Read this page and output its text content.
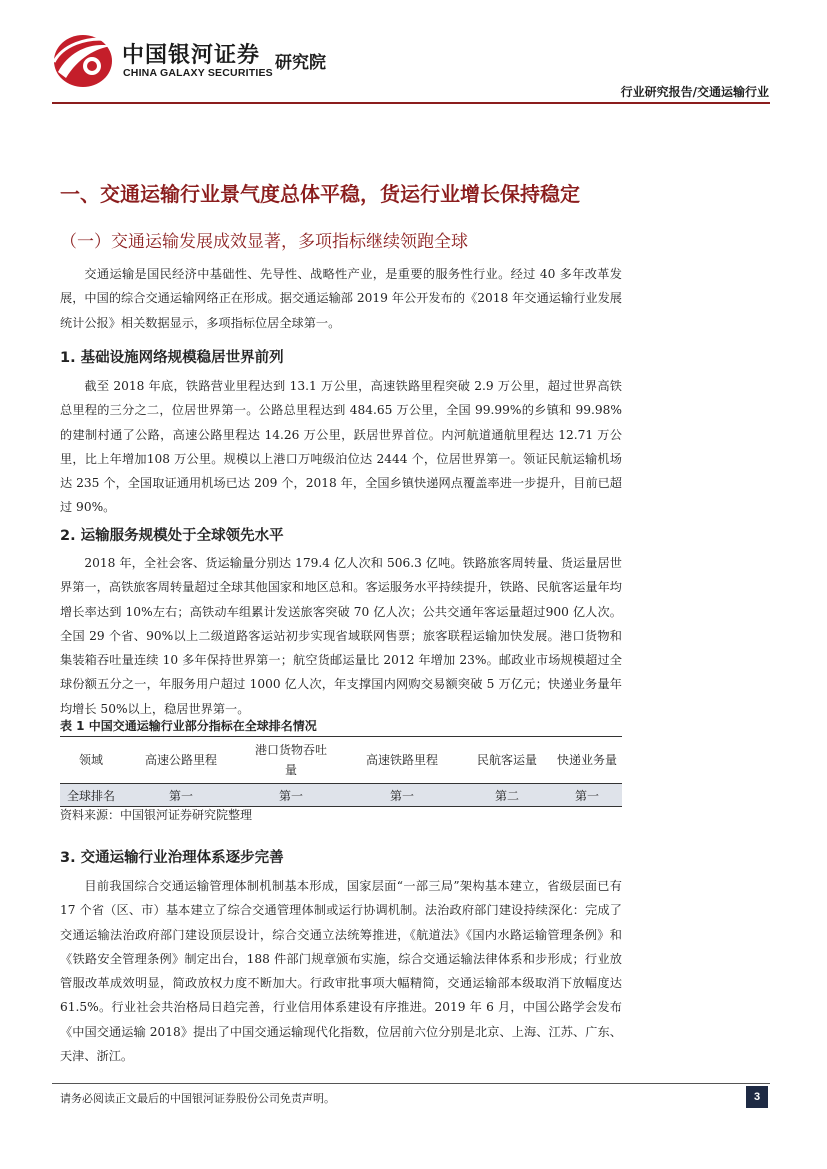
中国银河证券
CHINA GALAXY SECURITIES 研究院
行业研究报告/交通运输行业
一、交通运输行业景气度总体平稳，货运行业增长保持稳定
（一）交通运输发展成效显著，多项指标继续领跑全球
交通运输是国民经济中基础性、先导性、战略性产业，是重要的服务性行业。经过 40 多年改革发展，中国的综合交通运输网络正在形成。据交通运输部 2019 年公开发布的《2018 年交通运输行业发展统计公报》相关数据显示，多项指标位居全球第一。
1. 基础设施网络规模稳居世界前列
截至 2018 年底，铁路营业里程达到 13.1 万公里，高速铁路里程突破 2.9 万公里，超过世界高铁总里程的三分之二，位居世界第一。公路总里程达到 484.65 万公里，全国 99.99%的乡镇和 99.98%的建制村通了公路，高速公路里程达 14.26 万公里，跃居世界首位。内河航道通航里程达 12.71 万公里，比上年增加108 万公里。规模以上港口万吨级泊位达 2444 个，位居世界第一。领证民航运输机场达 235 个，全国取证通用机场已达 209 个，2018 年，全国乡镇快递网点覆盖率进一步提升，目前已超过 90%。
2. 运输服务规模处于全球领先水平
2018 年，全社会客、货运输量分别达 179.4 亿人次和 506.3 亿吨。铁路旅客周转量、货运量居世界第一，高铁旅客周转量超过全球其他国家和地区总和。客运服务水平持续提升，铁路、民航客运量年均增长率达到 10%左右；高铁动车组累计发送旅客突破 70 亿人次；公共交通年客运量超过900 亿人次。全国 29 个省、90%以上二级道路客运站初步实现省域联网售票；旅客联程运输加快发展。港口货物和集装箱吞吐量连续 10 多年保持世界第一；航空货邮运量比 2012 年增加 23%。邮政业市场规模超过全球份额五分之一，年服务用户超过 1000 亿人次，年支撑国内网购交易额突破 5 万亿元；快递业务量年均增长 50%以上，稳居世界第一。
表 1 中国交通运输行业部分指标在全球排名情况
领域	高速公路里程	港口货物吞吐量	高速铁路里程	民航客运量	快递业务量
全球排名	第一	第一	第一	第二	第一
资料来源：中国银河证券研究院整理
3. 交通运输行业治理体系逐步完善
目前我国综合交通运输管理体制机制基本形成，国家层面“一部三局”架构基本建立，省级层面已有17 个省（区、市）基本建立了综合交通管理体制或运行协调机制。法治政府部门建设持续深化：完成了交通运输法治政府部门建设顶层设计，综合交通立法统筹推进，《航道法》《国内水路运输管理条例》和《铁路安全管理条例》制定出台，188 件部门规章颁布实施，综合交通运输法律体系和步形成；行业放管服改革成效明显，简政放权力度不断加大。行政审批事项大幅精简，交通运输部本级取消下放幅度达 61.5%。行业社会共治格局日趋完善，行业信用体系建设有序推进。2019 年 6 月，中国公路学会发布《中国交通运输 2018》提出了中国交通运输现代化指数，位居前六位分别是北京、上海、江苏、广东、天津、浙江。
请务必阅读正文最后的中国银河证券股份公司免责声明。	3
